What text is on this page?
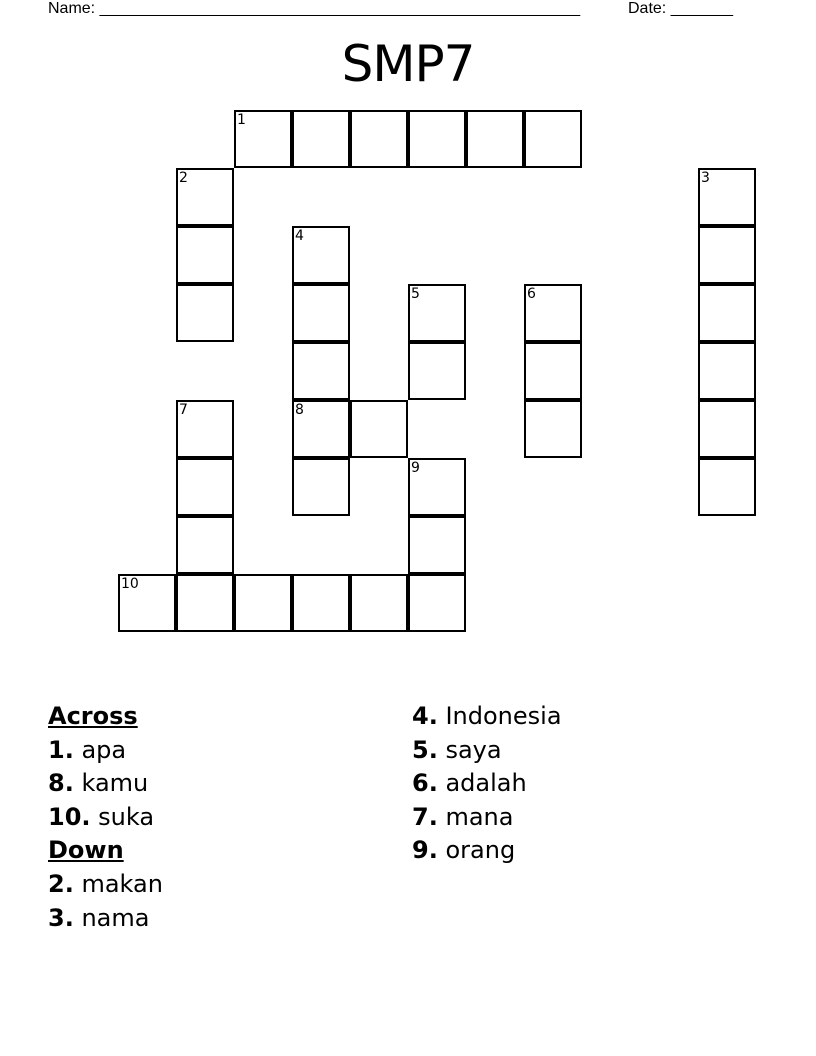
Name: ______________________________________________________	Date: _______
SMP7
1
2	3
4
8
5	6
7
9
10
Across
1. apa
8. kamu
10. suka
Down
2. makan
3. nama
4. Indonesia
5. saya
6. adalah
7. mana
9. orang
